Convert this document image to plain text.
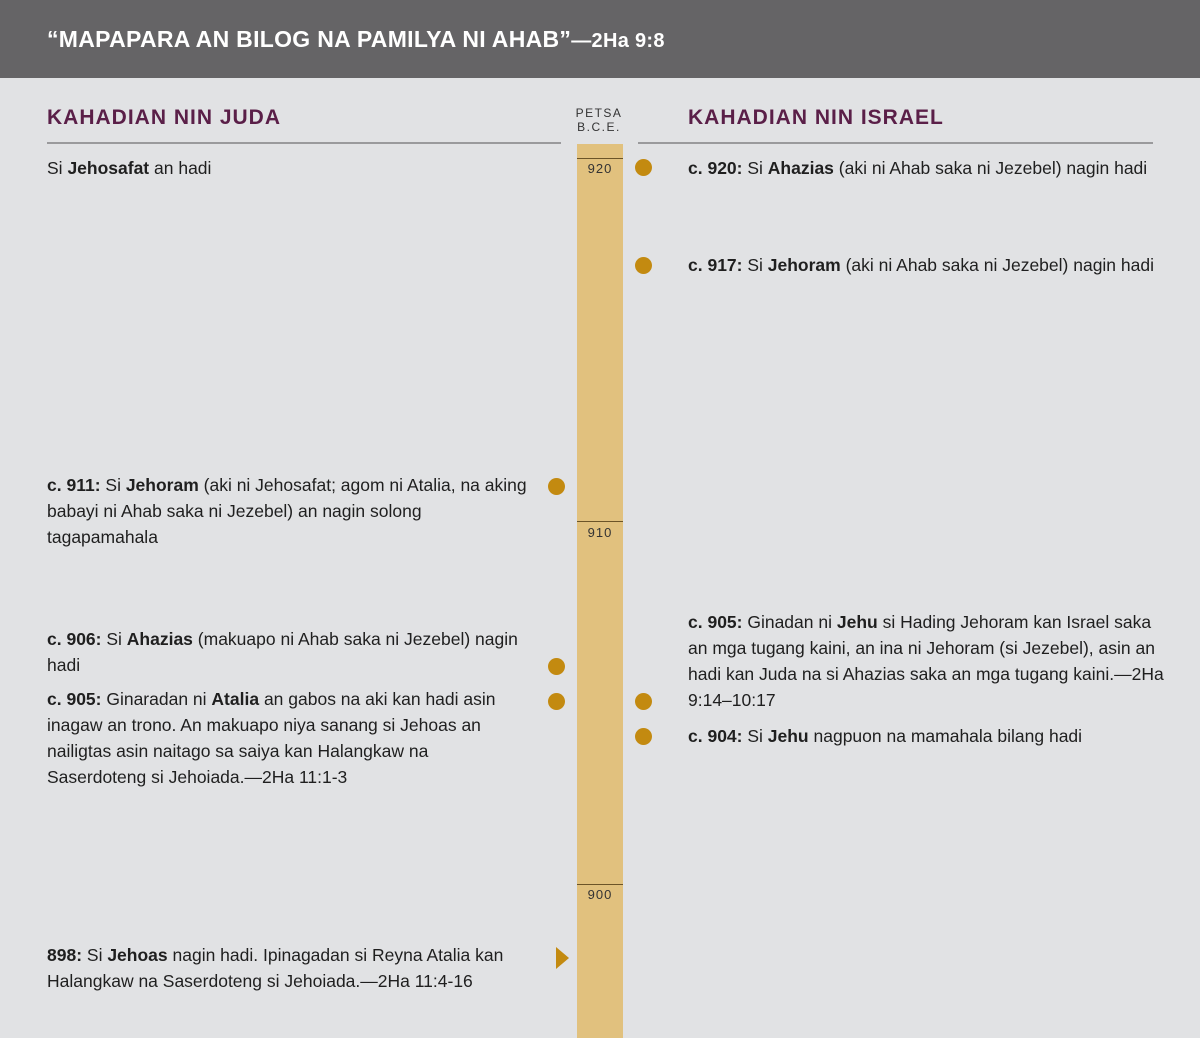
“MAPAPARA AN BILOG NA PAMILYA NI AHAB”—2Ha 9:8
KAHADIAN NIN JUDA	KAHADIAN NIN ISRAEL
PETSA
B.C.E.
920
910
900
Si Jehosafat an hadi
c. 911: Si Jehoram (aki ni Jehosafat; agom ni Atalia, na aking babayi ni Ahab saka ni Jezebel) an nagin solong tagapamahala
c. 906: Si Ahazias (makuapo ni Ahab saka ni Jezebel) nagin hadi
c. 905: Ginaradan ni Atalia an gabos na aki kan hadi asin inagaw an trono. An makuapo niya sanang si Jehoas an nailigtas asin naitago sa saiya kan Halangkaw na Saserdoteng si Jehoiada.—2Ha 11:1-3
898: Si Jehoas nagin hadi. Ipinagadan si Reyna Atalia kan Halangkaw na Saserdoteng si Jehoiada.—2Ha 11:4-16
c. 920: Si Ahazias (aki ni Ahab saka ni Jezebel) nagin hadi
c. 917: Si Jehoram (aki ni Ahab saka ni Jezebel) nagin hadi
c. 905: Ginadan ni Jehu si Hading Jehoram kan Israel saka an mga tugang kaini, an ina ni Jehoram (si Jezebel), asin an hadi kan Juda na si Ahazias saka an mga tugang kaini.—2Ha 9:14–10:17
c. 904: Si Jehu nagpuon na mamahala bilang hadi
